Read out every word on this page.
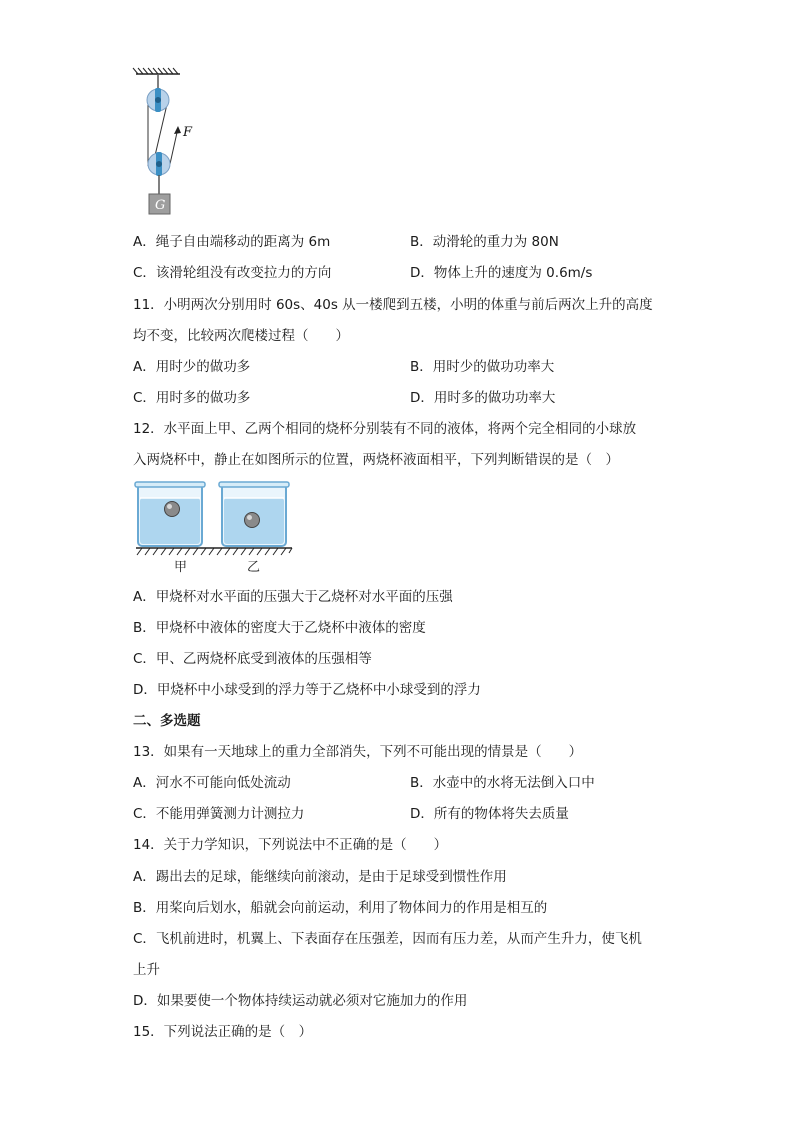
G
F
A．绳子自由端移动的距离为 6m	B．动滑轮的重力为 80N
C．该滑轮组没有改变拉力的方向	D．物体上升的速度为 0.6m/s
11．小明两次分别用时 60s、40s 从一楼爬到五楼，小明的体重与前后两次上升的高度
均不变，比较两次爬楼过程（　　）
A．用时少的做功多	B．用时少的做功功率大
C．用时多的做功多	D．用时多的做功功率大
12．水平面上甲、乙两个相同的烧杯分别装有不同的液体，将两个完全相同的小球放
入两烧杯中，静止在如图所示的位置，两烧杯液面相平，下列判断错误的是（　）
甲	乙
A．甲烧杯对水平面的压强大于乙烧杯对水平面的压强
B．甲烧杯中液体的密度大于乙烧杯中液体的密度
C．甲、乙两烧杯底受到液体的压强相等
D．甲烧杯中小球受到的浮力等于乙烧杯中小球受到的浮力
二、多选题
13．如果有一天地球上的重力全部消失，下列不可能出现的情景是（　　）
A．河水不可能向低处流动	B．水壶中的水将无法倒入口中
C．不能用弹簧测力计测拉力	D．所有的物体将失去质量
14．关于力学知识，下列说法中不正确的是（　　）
A．踢出去的足球，能继续向前滚动，是由于足球受到惯性作用
B．用桨向后划水，船就会向前运动，利用了物体间力的作用是相互的
C．飞机前进时，机翼上、下表面存在压强差，因而有压力差，从而产生升力，使飞机
上升
D．如果要使一个物体持续运动就必须对它施加力的作用
15．下列说法正确的是（　）
